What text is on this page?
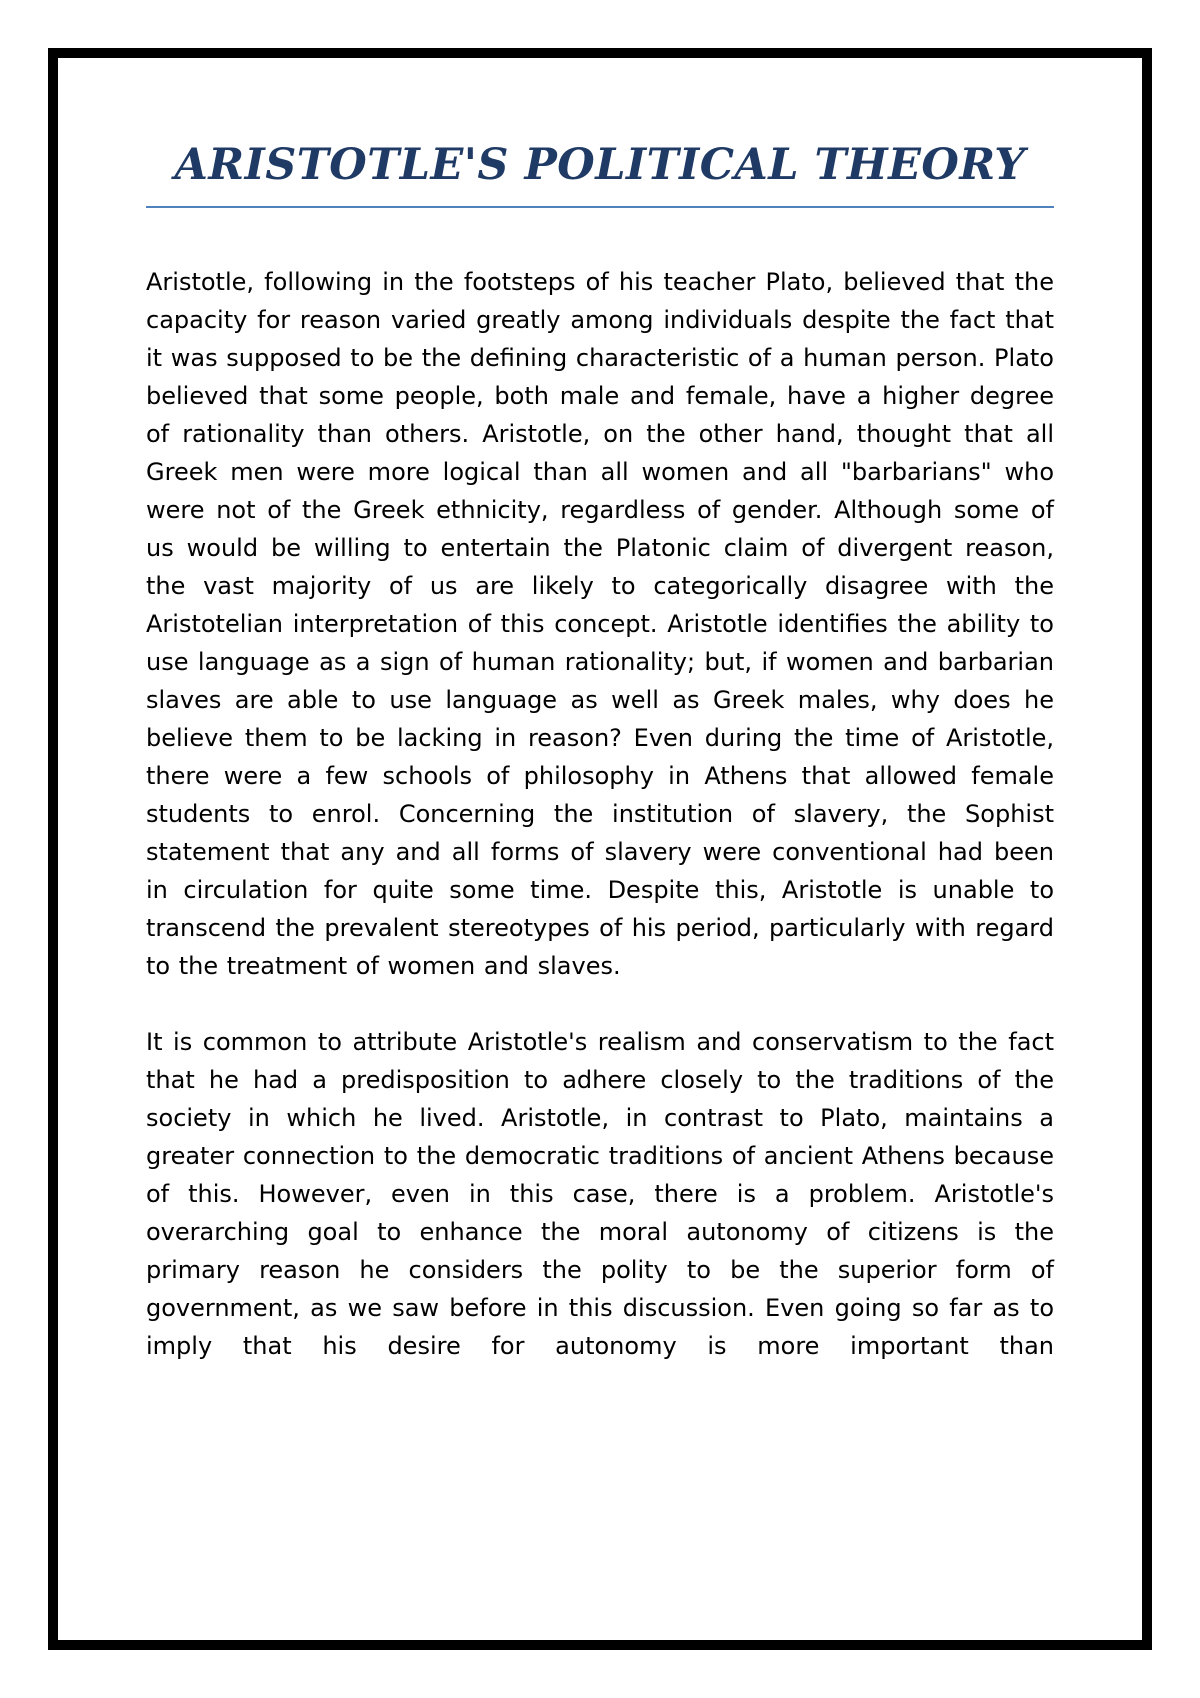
ARISTOTLE'S POLITICAL THEORY

Aristotle, following in the footsteps of his teacher Plato, believed that the capacity for reason varied greatly among individuals despite the fact that it was supposed to be the defining characteristic of a human person. Plato believed that some people, both male and female, have a higher degree of rationality than others. Aristotle, on the other hand, thought that all Greek men were more logical than all women and all "barbarians" who were not of the Greek ethnicity, regardless of gender. Although some of us would be willing to entertain the Platonic claim of divergent reason, the vast majority of us are likely to categorically disagree with the Aristotelian interpretation of this concept. Aristotle identifies the ability to use language as a sign of human rationality; but, if women and barbarian slaves are able to use language as well as Greek males, why does he believe them to be lacking in reason? Even during the time of Aristotle, there were a few schools of philosophy in Athens that allowed female students to enrol. Concerning the institution of slavery, the Sophist statement that any and all forms of slavery were conventional had been in circulation for quite some time. Despite this, Aristotle is unable to transcend the prevalent stereotypes of his period, particularly with regard to the treatment of women and slaves.

It is common to attribute Aristotle's realism and conservatism to the fact that he had a predisposition to adhere closely to the traditions of the society in which he lived. Aristotle, in contrast to Plato, maintains a greater connection to the democratic traditions of ancient Athens because of this. However, even in this case, there is a problem. Aristotle's overarching goal to enhance the moral autonomy of citizens is the primary reason he considers the polity to be the superior form of government, as we saw before in this discussion. Even going so far as to imply that his desire for autonomy is more important than
